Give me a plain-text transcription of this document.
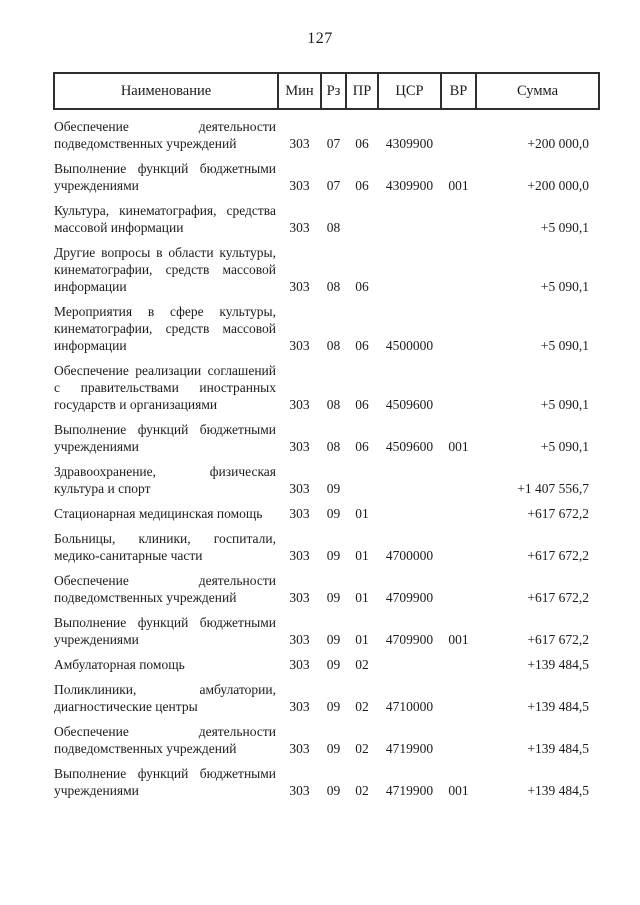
127
Наименование	Мин	Рз	ПР	ЦСР	ВР	Сумма
Обеспечение деятельности подведомственных учреждений	303	07	06	4309900		+200 000,0
Выполнение функций бюджетными учреждениями	303	07	06	4309900	001	+200 000,0
Культура, кинематография, средства массовой информации	303	08				+5 090,1
Другие вопросы в области культуры, кинематографии, средств массовой информации	303	08	06			+5 090,1
Мероприятия в сфере культуры, кинематографии, средств массовой информации	303	08	06	4500000		+5 090,1
Обеспечение реализации соглашений с правительствами иностранных государств и организациями	303	08	06	4509600		+5 090,1
Выполнение функций бюджетными учреждениями	303	08	06	4509600	001	+5 090,1
Здравоохранение, физическая культура и спорт	303	09				+1 407 556,7
Стационарная медицинская помощь	303	09	01			+617 672,2
Больницы, клиники, госпитали, медико-санитарные части	303	09	01	4700000		+617 672,2
Обеспечение деятельности подведомственных учреждений	303	09	01	4709900		+617 672,2
Выполнение функций бюджетными учреждениями	303	09	01	4709900	001	+617 672,2
Амбулаторная помощь	303	09	02			+139 484,5
Поликлиники, амбулатории, диагностические центры	303	09	02	4710000		+139 484,5
Обеспечение деятельности подведомственных учреждений	303	09	02	4719900		+139 484,5
Выполнение функций бюджетными учреждениями	303	09	02	4719900	001	+139 484,5
